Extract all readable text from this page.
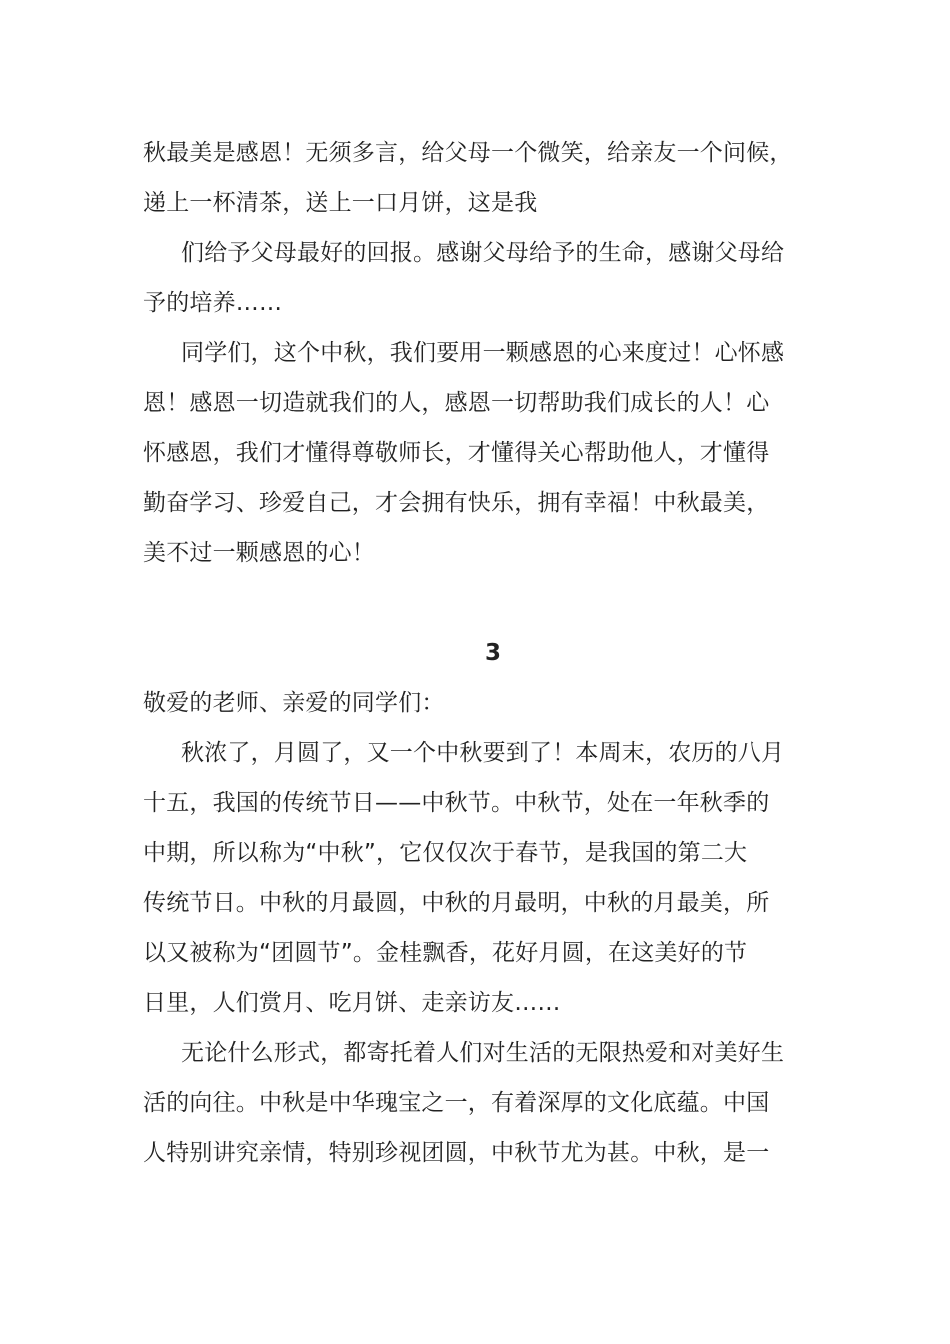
秋最美是感恩！无须多言，给父母一个微笑，给亲友一个问候，
递上一杯清茶，送上一口月饼，这是我
们给予父母最好的回报。感谢父母给予的生命，感谢父母给
予的培养……
同学们，这个中秋，我们要用一颗感恩的心来度过！心怀感
恩！感恩一切造就我们的人，感恩一切帮助我们成长的人！心
怀感恩，我们才懂得尊敬师长，才懂得关心帮助他人，才懂得
勤奋学习、珍爱自己，才会拥有快乐，拥有幸福！中秋最美，
美不过一颗感恩的心！
3
敬爱的老师、亲爱的同学们：
秋浓了，月圆了，又一个中秋要到了！本周末，农历的八月
十五，我国的传统节日——中秋节。中秋节，处在一年秋季的
中期，所以称为“中秋”，它仅仅次于春节，是我国的第二大
传统节日。中秋的月最圆，中秋的月最明，中秋的月最美，所
以又被称为“团圆节”。金桂飘香，花好月圆，在这美好的节
日里，人们赏月、吃月饼、走亲访友……
无论什么形式，都寄托着人们对生活的无限热爱和对美好生
活的向往。中秋是中华瑰宝之一，有着深厚的文化底蕴。中国
人特别讲究亲情，特别珍视团圆，中秋节尤为甚。中秋，是一
